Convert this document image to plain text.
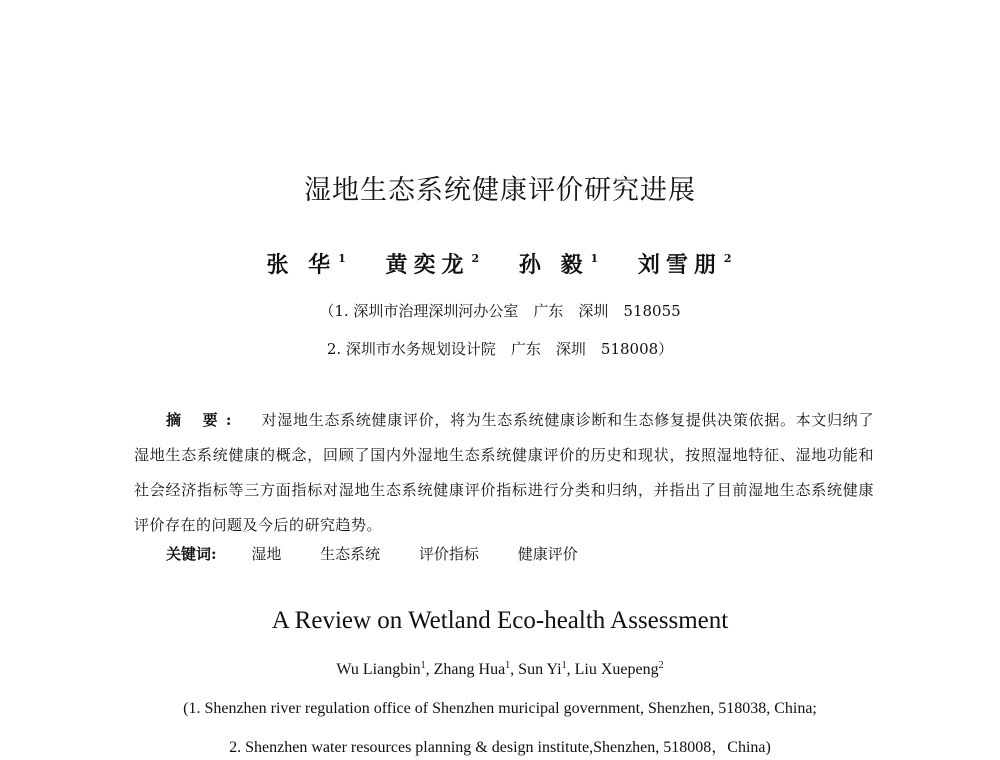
湿地生态系统健康评价研究进展
张 华 $^1$ 黄奕龙 $^2$ 孙 毅 $^1$ 刘雪朋 $^2$
（1. 深圳市治理深圳河办公室　广东　深圳　518055
2. 深圳市水务规划设计院　广东　深圳　518008）
摘 要: 对湿地生态系统健康评价，将为生态系统健康诊断和生态修复提供决策依据。本文归纳了湿地生态系统健康的概念，回顾了国内外湿地生态系统健康评价的历史和现状，按照湿地特征、湿地功能和社会经济指标等三方面指标对湿地生态系统健康评价指标进行分类和归纳，并指出了目前湿地生态系统健康评价存在的问题及今后的研究趋势。
关键词: 湿地	生态系统	评价指标	健康评价
A Review on Wetland Eco-health Assessment
Wu Liangbin$^1$, Zhang Hua$^1$, Sun Yi$^1$, Liu Xuepeng$^2$
(1. Shenzhen river regulation office of Shenzhen muricipal government, Shenzhen, 518038, China;
2. Shenzhen water resources planning & design institute,Shenzhen, 518008，China)
